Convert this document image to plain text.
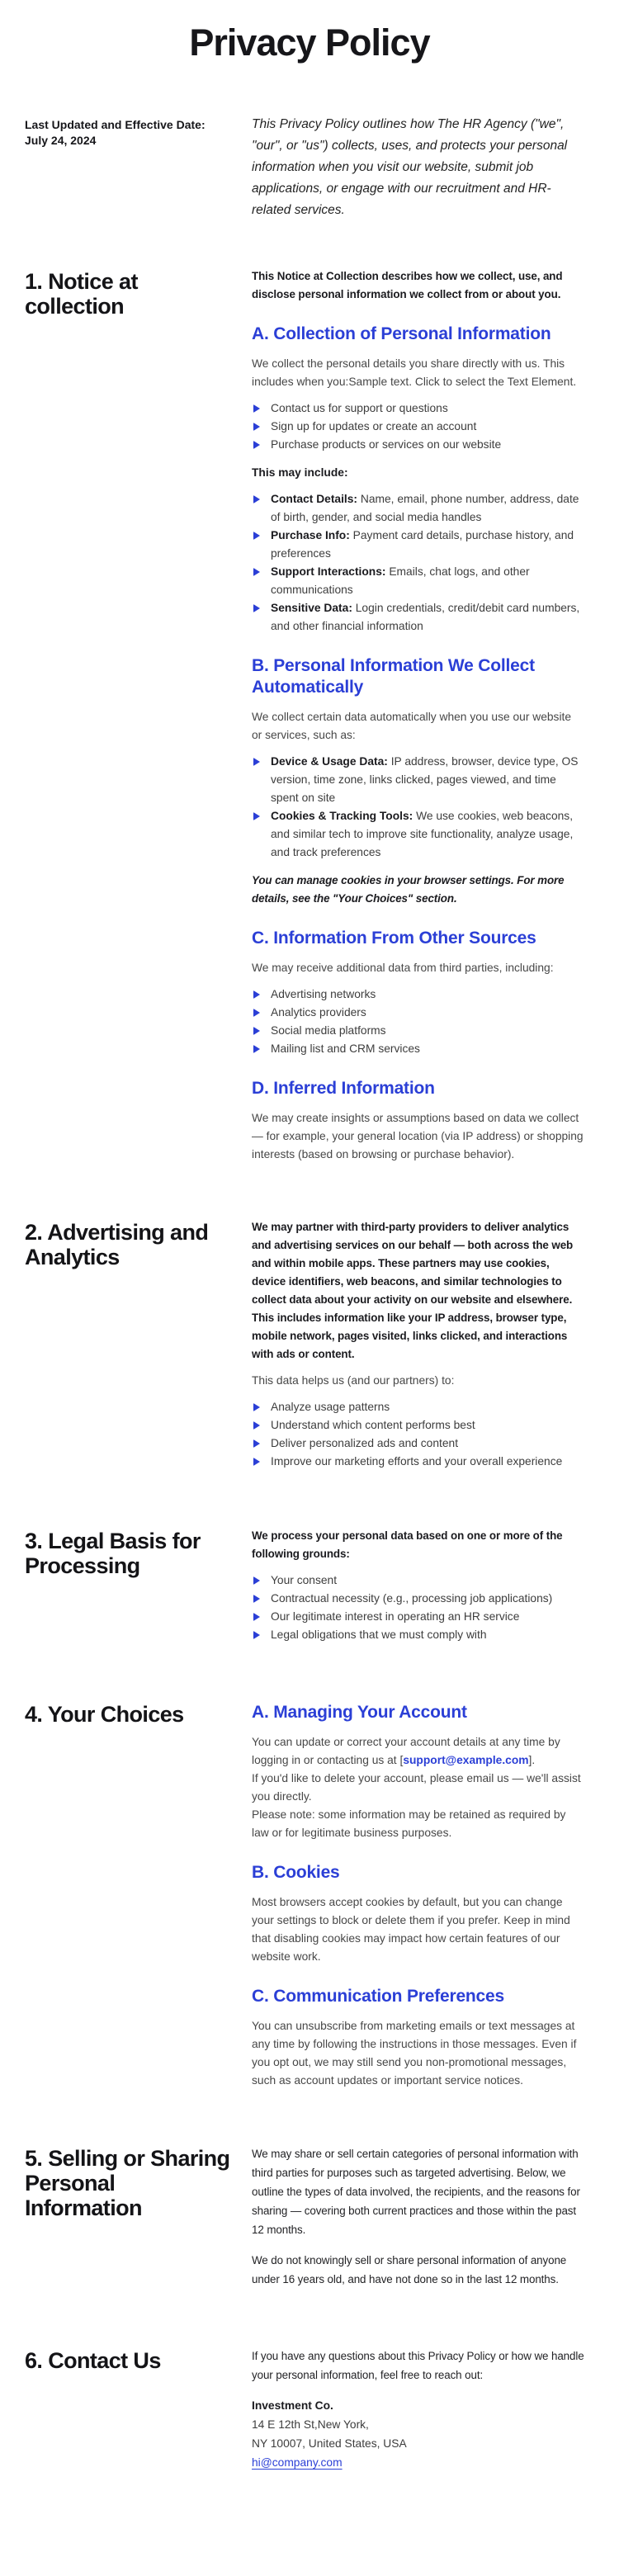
Privacy Policy
Last Updated and Effective Date:
July 24, 2024
This Privacy Policy outlines how The HR Agency ("we", "our", or "us") collects, uses, and protects your personal information when you visit our website, submit job applications, or engage with our recruitment and HR-related services.
1. Notice at collection

This Notice at Collection describes how we collect, use, and disclose personal information we collect from or about you.

A. Collection of Personal Information

We collect the personal details you share directly with us. This includes when you:Sample text. Click to select the Text Element.

Contact us for support or questions
Sign up for updates or create an account
Purchase products or services on our website

This may include:

Contact Details: Name, email, phone number, address, date of birth, gender, and social media handles
Purchase Info: Payment card details, purchase history, and preferences
Support Interactions: Emails, chat logs, and other communications
Sensitive Data: Login credentials, credit/debit card numbers, and other financial information
B. Personal Information We Collect Automatically

We collect certain data automatically when you use our website or services, such as:

Device & Usage Data: IP address, browser, device type, OS version, time zone, links clicked, pages viewed, and time spent on site
Cookies & Tracking Tools: We use cookies, web beacons, and similar tech to improve site functionality, analyze usage, and track preferences

You can manage cookies in your browser settings. For more details, see the "Your Choices" section.

C. Information From Other Sources

We may receive additional data from third parties, including:

Advertising networks
Analytics providers
Social media platforms
Mailing list and CRM services
D. Inferred Information

We may create insights or assumptions based on data we collect — for example, your general location (via IP address) or shopping interests (based on browsing or purchase behavior).

2. Advertising and Analytics

We may partner with third-party providers to deliver analytics and advertising services on our behalf — both across the web and within mobile apps. These partners may use cookies, device identifiers, web beacons, and similar technologies to collect data about your activity on our website and elsewhere. This includes information like your IP address, browser type, mobile network, pages visited, links clicked, and interactions with ads or content.

This data helps us (and our partners) to:

Analyze usage patterns
Understand which content performs best
Deliver personalized ads and content
Improve our marketing efforts and your overall experience
3. Legal Basis for Processing

We process your personal data based on one or more of the following grounds:

Your consent
Contractual necessity (e.g., processing job applications)
Our legitimate interest in operating an HR service
Legal obligations that we must comply with
4. Your Choices	A. Managing Your Account
You can update or correct your account details at any time by logging in or contacting us at [support@example.com].
If you'd like to delete your account, please email us — we'll assist you directly.
Please note: some information may be retained as required by law or for legitimate business purposes.
B. Cookies

Most browsers accept cookies by default, but you can change your settings to block or delete them if you prefer. Keep in mind that disabling cookies may impact how certain features of our website work.

C. Communication Preferences

You can unsubscribe from marketing emails or text messages at any time by following the instructions in those messages. Even if you opt out, we may still send you non-promotional messages, such as account updates or important service notices.

5. Selling or Sharing Personal Information

We may share or sell certain categories of personal information with third parties for purposes such as targeted advertising. Below, we outline the types of data involved, the recipients, and the reasons for sharing — covering both current practices and those within the past 12 months.

We do not knowingly sell or share personal information of anyone under 16 years old, and have not done so in the last 12 months.

6. Contact Us	If you have any questions about this Privacy Policy or how we handle your personal information, feel free to reach out:

Investment Co.
14 E 12th St,New York,
NY 10007, United States, USA
hi@company.com
